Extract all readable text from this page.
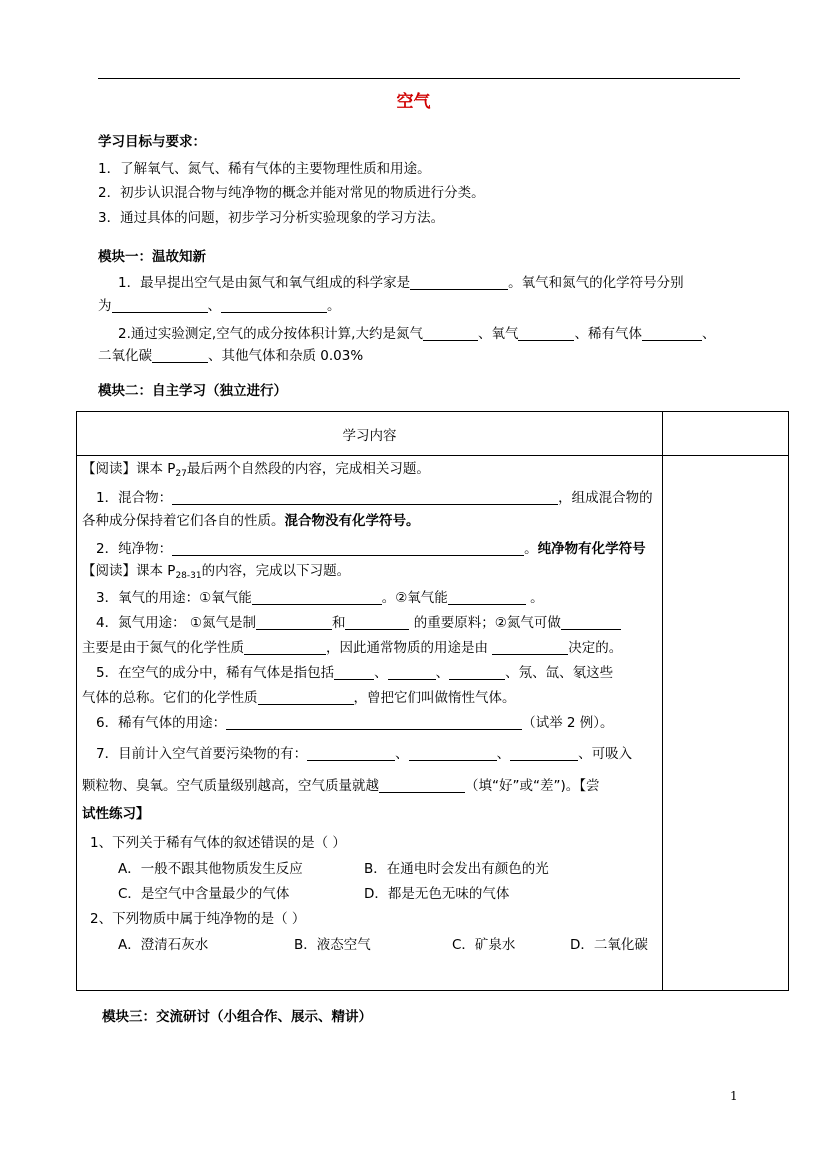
空气
学习目标与要求：
1．了解氧气、氮气、稀有气体的主要物理性质和用途。
2．初步认识混合物与纯净物的概念并能对常见的物质进行分类。
3．通过具体的问题，初步学习分析实验现象的学习方法。
模块一：温故知新
1．最早提出空气是由氮气和氧气组成的科学家是	。氧气和氮气的化学符号分别
为	、	。
2.通过实验测定,空气的成分按体积计算,大约是氮气	、氧气	、稀有气体	、
二氧化碳	、其他气体和杂质 0.03%
模块二：自主学习（独立进行）
学习内容
【阅读】课本 $P_{27}$最后两个自然段的内容，完成相关习题。
1．混合物：	，组成混合物的
各种成分保持着它们各自的性质。混合物没有化学符号。
2．纯净物：	。纯净物有化学符号
【阅读】课本 $P_{28-31}$的内容，完成以下习题。
3．氧气的用途：①氧气能	。②氧气能	。
4．氮气用途： ①氮气是制	和	的重要原料；②氮气可做
主要是由于氮气的化学性质	，因此通常物质的用途是由	决定的。
5．在空气的成分中，稀有气体是指包括	、	、	、氖、氙、氡这些
气体的总称。它们的化学性质	，曾把它们叫做惰性气体。
6．稀有气体的用途：	（试举 2 例）。
7．目前计入空气首要污染物的有：	、	、	、可吸入
颗粒物、臭氧。空气质量级别越高，空气质量就越	（填“好”或“差”)。【尝
试性练习】
1、下列关于稀有气体的叙述错误的是（ ）
A．一般不跟其他物质发生反应	B．在通电时会发出有颜色的光
C．是空气中含量最少的气体	D．都是无色无味的气体
2、下列物质中属于纯净物的是（ ）
A．澄清石灰水	B．液态空气	C．矿泉水	D．二氧化碳
模块三：交流研讨（小组合作、展示、精讲）
1
